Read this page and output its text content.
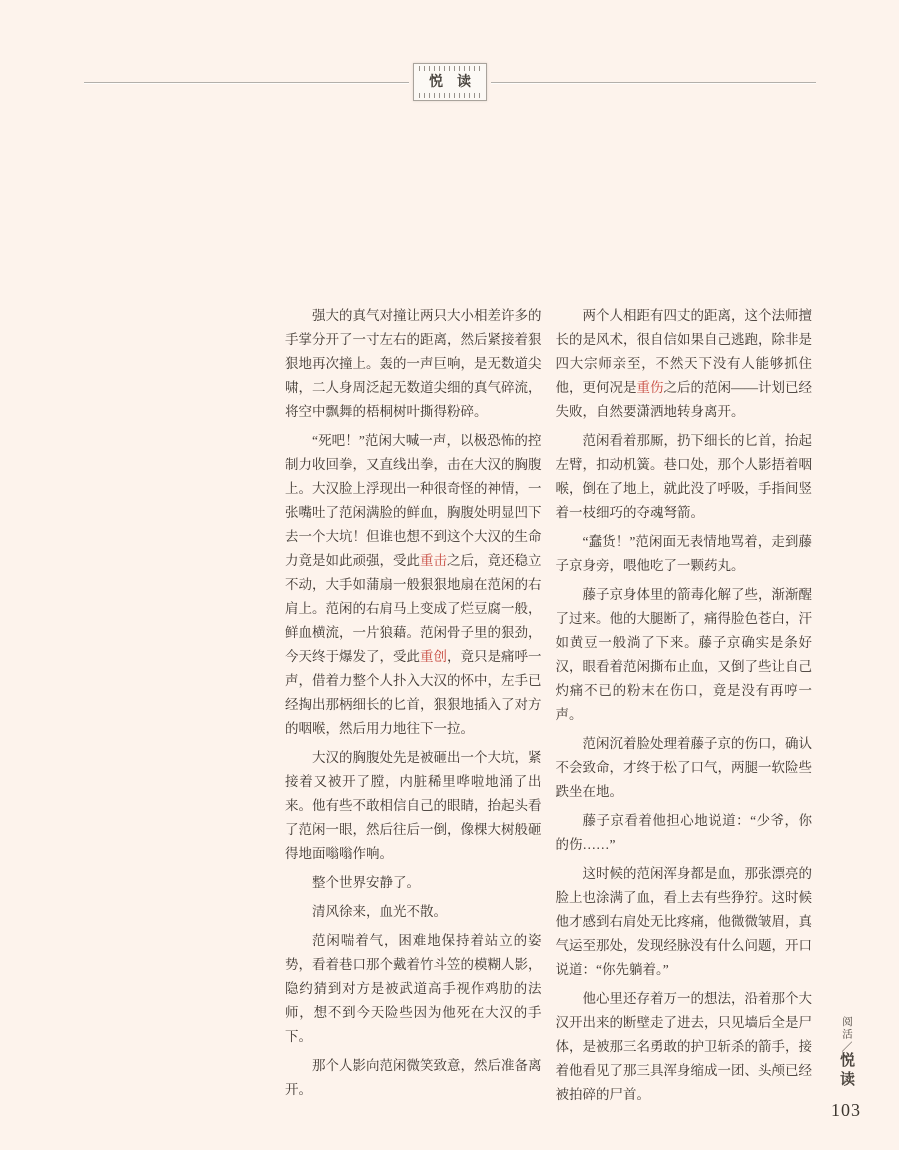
悦读

强大的真气对撞让两只大小相差许多的手掌分开了一寸左右的距离，然后紧接着狠狠地再次撞上。轰的一声巨响，是无数道尖啸，二人身周泛起无数道尖细的真气碎流，将空中飘舞的梧桐树叶撕得粉碎。

“死吧！”范闲大喊一声，以极恐怖的控制力收回拳，又直线出拳，击在大汉的胸腹上。大汉脸上浮现出一种很奇怪的神情，一张嘴吐了范闲满脸的鲜血，胸腹处明显凹下去一个大坑！但谁也想不到这个大汉的生命力竟是如此顽强，受此重击之后，竟还稳立不动，大手如蒲扇一般狠狠地扇在范闲的右肩上。范闲的右肩马上变成了烂豆腐一般，鲜血横流，一片狼藉。范闲骨子里的狠劲，今天终于爆发了，受此重创，竟只是痛呼一声，借着力整个人扑入大汉的怀中，左手已经掏出那柄细长的匕首，狠狠地插入了对方的咽喉，然后用力地往下一拉。

大汉的胸腹处先是被砸出一个大坑，紧接着又被开了膛，内脏稀里哗啦地涌了出来。他有些不敢相信自己的眼睛，抬起头看了范闲一眼，然后往后一倒，像棵大树般砸得地面嗡嗡作响。

整个世界安静了。

清风徐来，血光不散。

范闲喘着气，困难地保持着站立的姿势，看着巷口那个戴着竹斗笠的模糊人影，隐约猜到对方是被武道高手视作鸡肋的法师，想不到今天险些因为他死在大汉的手下。

那个人影向范闲微笑致意，然后准备离开。

两个人相距有四丈的距离，这个法师擅长的是风术，很自信如果自己逃跑，除非是四大宗师亲至，不然天下没有人能够抓住他，更何况是重伤之后的范闲——计划已经失败，自然要潇洒地转身离开。

范闲看着那厮，扔下细长的匕首，抬起左臂，扣动机簧。巷口处，那个人影捂着咽喉，倒在了地上，就此没了呼吸，手指间竖着一枝细巧的夺魂弩箭。

“蠢货！”范闲面无表情地骂着，走到藤子京身旁，喂他吃了一颗药丸。

藤子京身体里的箭毒化解了些，渐渐醒了过来。他的大腿断了，痛得脸色苍白，汗如黄豆一般淌了下来。藤子京确实是条好汉，眼看着范闲撕布止血，又倒了些让自己灼痛不已的粉末在伤口，竟是没有再哼一声。

范闲沉着脸处理着藤子京的伤口，确认不会致命，才终于松了口气，两腿一软险些跌坐在地。

藤子京看着他担心地说道：“少爷，你的伤……”

这时候的范闲浑身都是血，那张漂亮的脸上也涂满了血，看上去有些狰狞。这时候他才感到右肩处无比疼痛，他微微皱眉，真气运至那处，发现经脉没有什么问题，开口说道：“你先躺着。”

他心里还存着万一的想法，沿着那个大汉开出来的断壁走了进去，只见墙后全是尸体，是被那三名勇敢的护卫斩杀的箭手，接着他看见了那三具浑身缩成一团、头颅已经被拍碎的尸首。

阅活／悦读
103
